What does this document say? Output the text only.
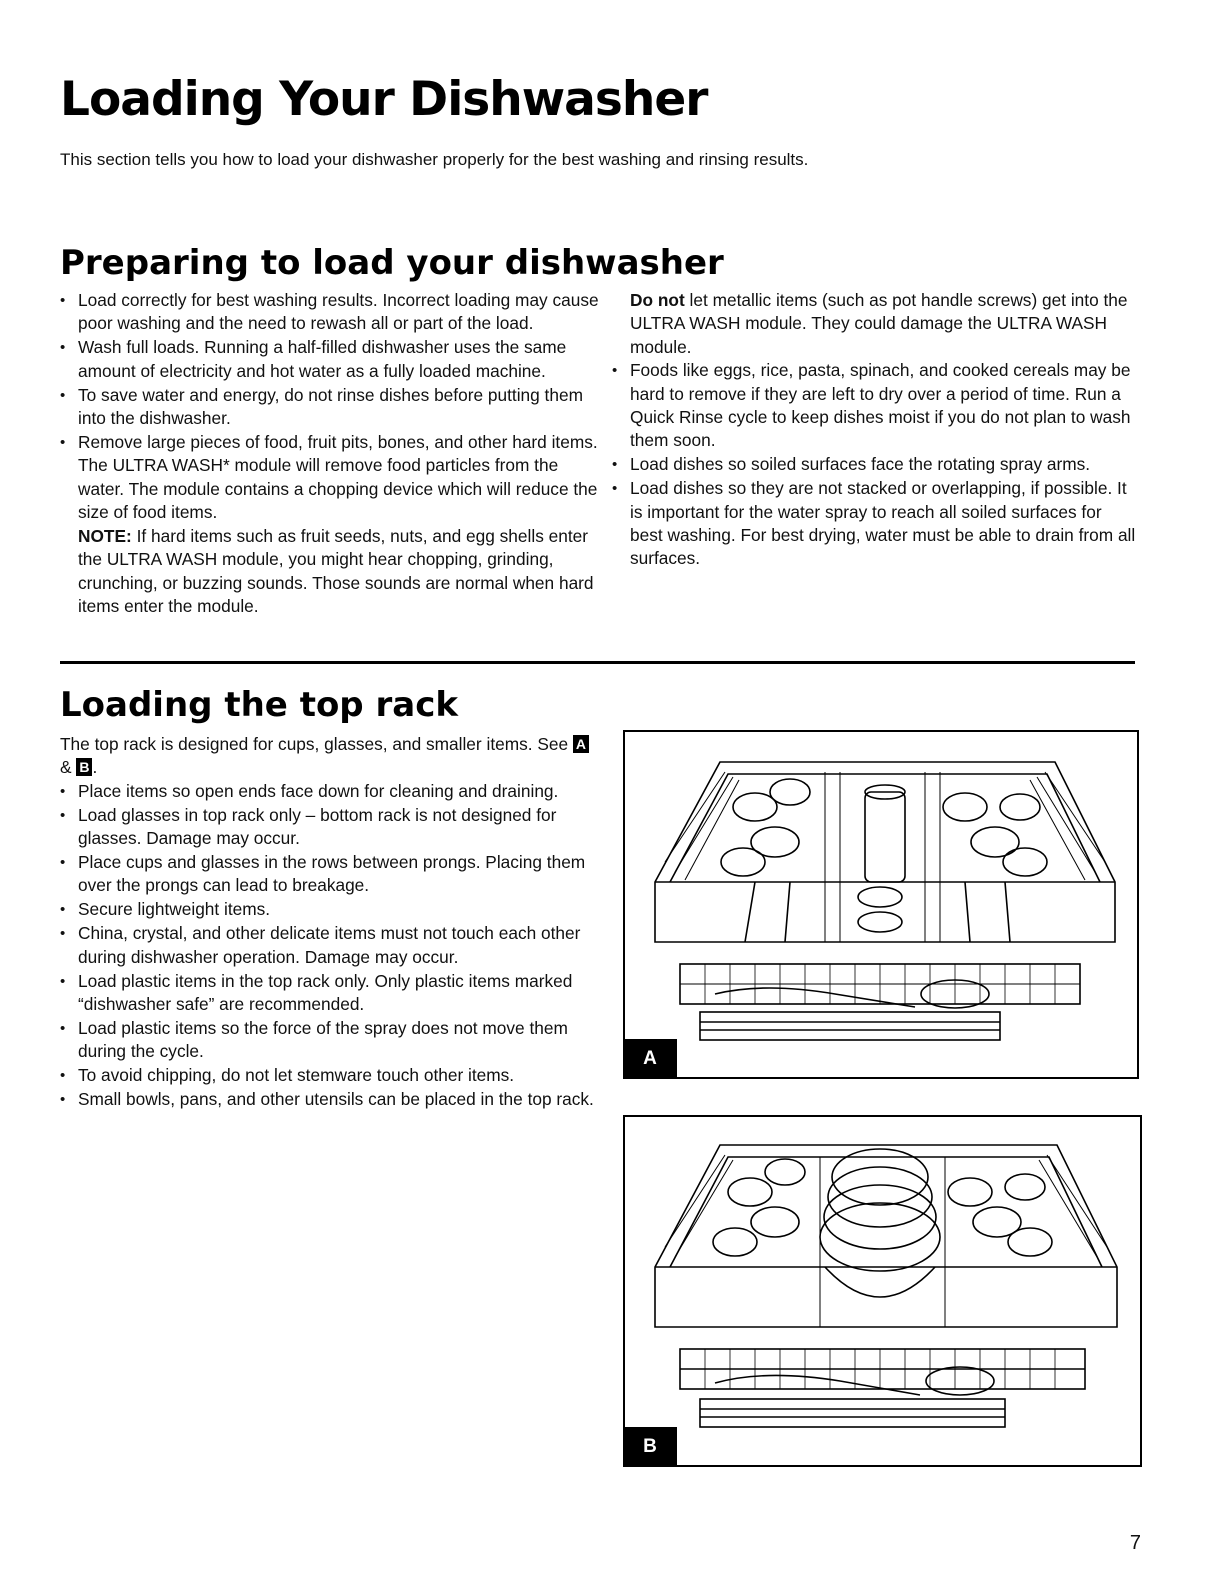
Loading Your Dishwasher

This section tells you how to load your dishwasher properly for the best washing and rinsing results.

Preparing to load your dishwasher
• Load correctly for best washing results. Incorrect loading may cause poor washing and the need to rewash all or part of the load.
• Wash full loads. Running a half-filled dishwasher uses the same amount of electricity and hot water as a fully loaded machine.
• To save water and energy, do not rinse dishes before putting them into the dishwasher.
• Remove large pieces of food, fruit pits, bones, and other hard items. The ULTRA WASH* module will remove food particles from the water. The module contains a chopping device which will reduce the size of food items.

NOTE: If hard items such as fruit seeds, nuts, and egg shells enter the ULTRA WASH module, you might hear chopping, grinding, crunching, or buzzing sounds. Those sounds are normal when hard items enter the module.

Do not let metallic items (such as pot handle screws) get into the ULTRA WASH module. They could damage the ULTRA WASH module.

• Foods like eggs, rice, pasta, spinach, and cooked cereals may be hard to remove if they are left to dry over a period of time. Run a Quick Rinse cycle to keep dishes moist if you do not plan to wash them soon.
• Load dishes so soiled surfaces face the rotating spray arms.
• Load dishes so they are not stacked or overlapping, if possible. It is important for the water spray to reach all soiled surfaces for best washing. For best drying, water must be able to drain from all surfaces.
Loading the top rack

The top rack is designed for cups, glasses, and smaller items. See A & B .

• Place items so open ends face down for cleaning and draining.
• Load glasses in top rack only – bottom rack is not designed for glasses. Damage may occur.
• Place cups and glasses in the rows between prongs. Placing them over the prongs can lead to breakage.
• Secure lightweight items.
• China, crystal, and other delicate items must not touch each other during dishwasher operation. Damage may occur.
• Load plastic items in the top rack only. Only plastic items marked “dishwasher safe” are recommended.
• Load plastic items so the force of the spray does not move them during the cycle.
• To avoid chipping, do not let stemware touch other items.
• Small bowls, pans, and other utensils can be placed in the top rack.
A
B
7
